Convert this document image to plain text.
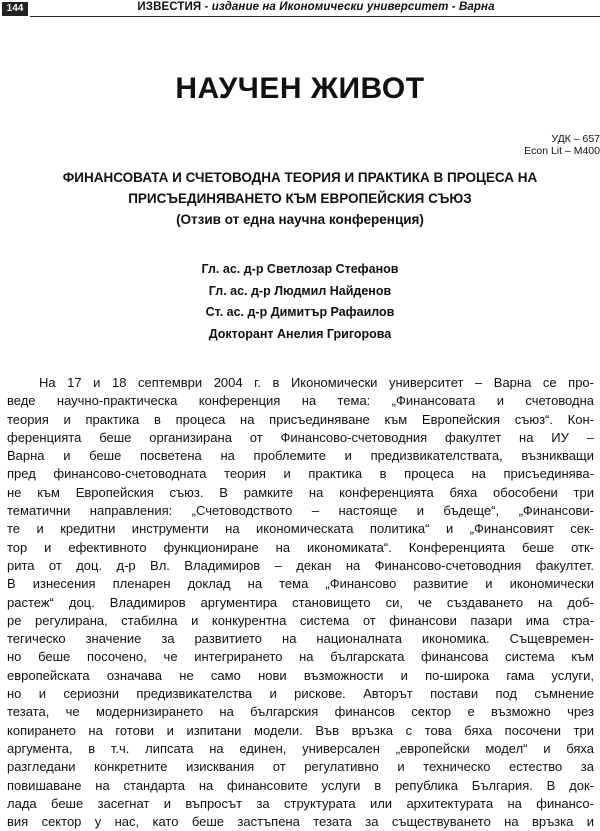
144	ИЗВЕСТИЯ - издание на Икономически университет - Варна
НАУЧЕН ЖИВОТ
УДК – 657
Econ Lit – M400
ФИНАНСОВАТА И СЧЕТОВОДНА ТЕОРИЯ И ПРАКТИКА В ПРОЦЕСА НА
ПРИСЪЕДИНЯВАНЕТО КЪМ ЕВРОПЕЙСКИЯ СЪЮЗ
(Отзив от една научна конференция)
Гл. ас. д-р Светлозар Стефанов
Гл. ас. д-р Людмил Найденов
Ст. ас. д-р Димитър Рафаилов
Докторант Анелия Григорова
На 17 и 18 септември 2004 г. в Икономически университет – Варна се про-
веде научно-практическа конференция на тема: „Финансовата и счетоводна
теория и практика в процеса на присъединяване към Европейския съюз“. Кон-
ференцията беше организирана от Финансово-счетоводния факултет на ИУ –
Варна и беше посветена на проблемите и предизвикателствата, възникващи
пред финансово-счетоводната теория и практика в процеса на присъединява-
не към Европейския съюз. В рамките на конференцията бяха обособени три
тематични направления: „Счетоводството – настояще и бъдеще“, „Финансови-
те и кредитни инструменти на икономическата политика“ и „Финансовият сек-
тор и ефективното функциониране на икономиката“. Конференцията беше отк-
рита от доц. д-р Вл. Владимиров – декан на Финансово-счетоводния факултет.
В изнесения пленарен доклад на тема „Финансово развитие и икономически
растеж“ доц. Владимиров аргументира становището си, че създаването на доб-
ре регулирана, стабилна и конкурентна система от финансови пазари има стра-
тегическо значение за развитието на националната икономика. Същевремен-
но беше посочено, че интегрирането на българската финансова система към
европейската означава не само нови възможности и по-широка гама услуги,
но и сериозни предизвикателства и рискове. Авторът постави под съмнение
тезата, че модернизирането на българския финансов сектор е възможно чрез
копирането на готови и изпитани модели. Във връзка с това бяха посочени три
аргумента, в т.ч. липсата на единен, универсален „европейски модел“ и бяха
разгледани конкретните изисквания от регулативно и техническо естество за
повишаване на стандарта на финансовите услуги в република България. В док-
лада беше засегнат и въпросът за структурата или архитектурата на финансо-
вия сектор у нас, като беше застъпена тезата за съществуването на връзка и
